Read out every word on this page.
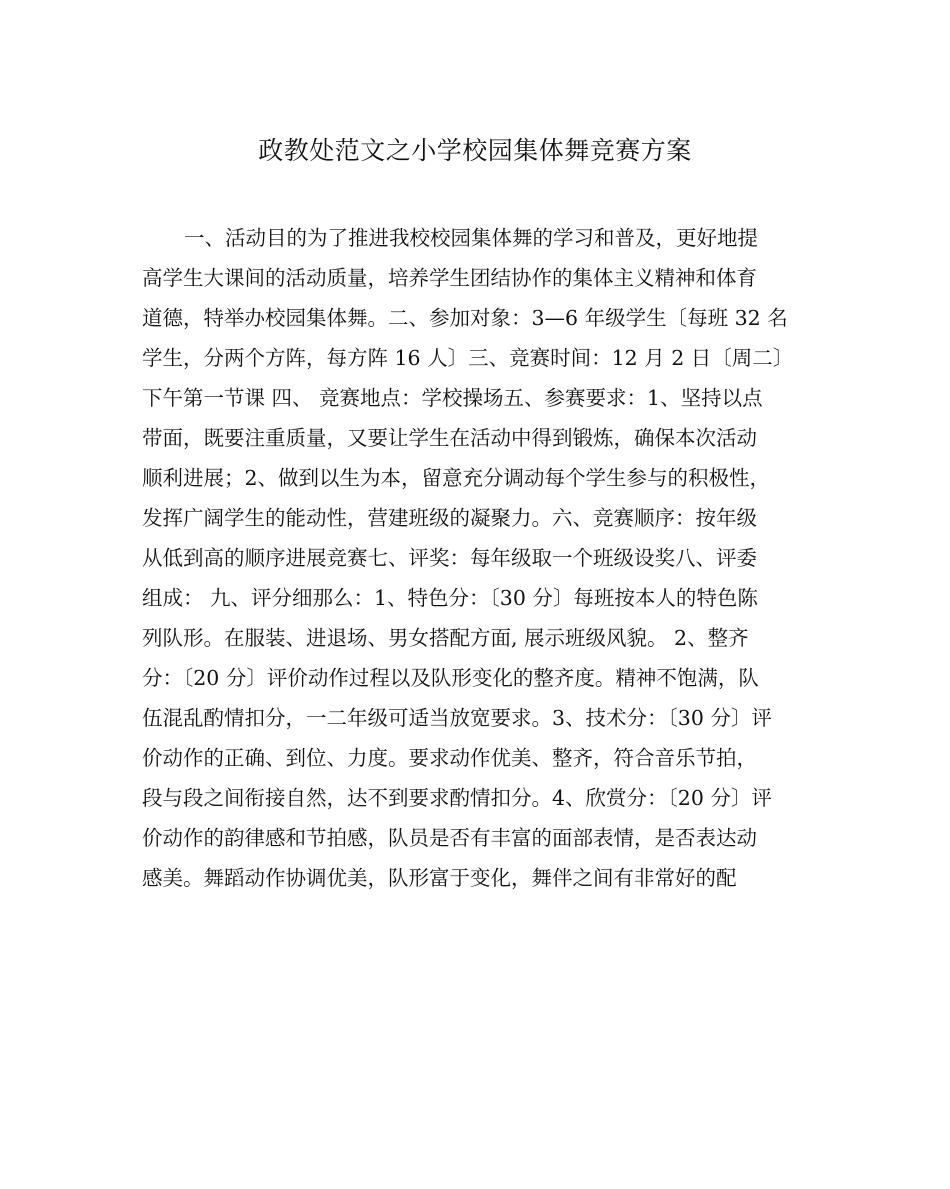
政教处范文之小学校园集体舞竞赛方案
一、活动目的为了推进我校校园集体舞的学习和普及，更好地提
高学生大课间的活动质量，培养学生团结协作的集体主义精神和体育
道德，特举办校园集体舞。二、参加对象：3—6 年级学生〔每班 32 名
学生，分两个方阵，每方阵 16 人〕三、竞赛时间：12 月 2 日〔周二〕
下午第一节课 四、 竞赛地点：学校操场五、参赛要求：1、坚持以点
带面，既要注重质量，又要让学生在活动中得到锻炼，确保本次活动
顺利进展；2、做到以生为本，留意充分调动每个学生参与的积极性，
发挥广阔学生的能动性，营建班级的凝聚力。六、竞赛顺序：按年级
从低到高的顺序进展竞赛七、评奖：每年级取一个班级设奖八、评委
组成： 九、评分细那么：1、特色分：〔30 分〕每班按本人的特色陈
列队形。在服装、进退场、男女搭配方面, 展示班级风貌。 2、整齐
分：〔20 分〕评价动作过程以及队形变化的整齐度。精神不饱满，队
伍混乱酌情扣分，一二年级可适当放宽要求。3、技术分：〔30 分〕评
价动作的正确、到位、力度。要求动作优美、整齐，符合音乐节拍，
段与段之间衔接自然，达不到要求酌情扣分。4、欣赏分：〔20 分〕评
价动作的韵律感和节拍感，队员是否有丰富的面部表情，是否表达动
感美。舞蹈动作协调优美，队形富于变化，舞伴之间有非常好的配
